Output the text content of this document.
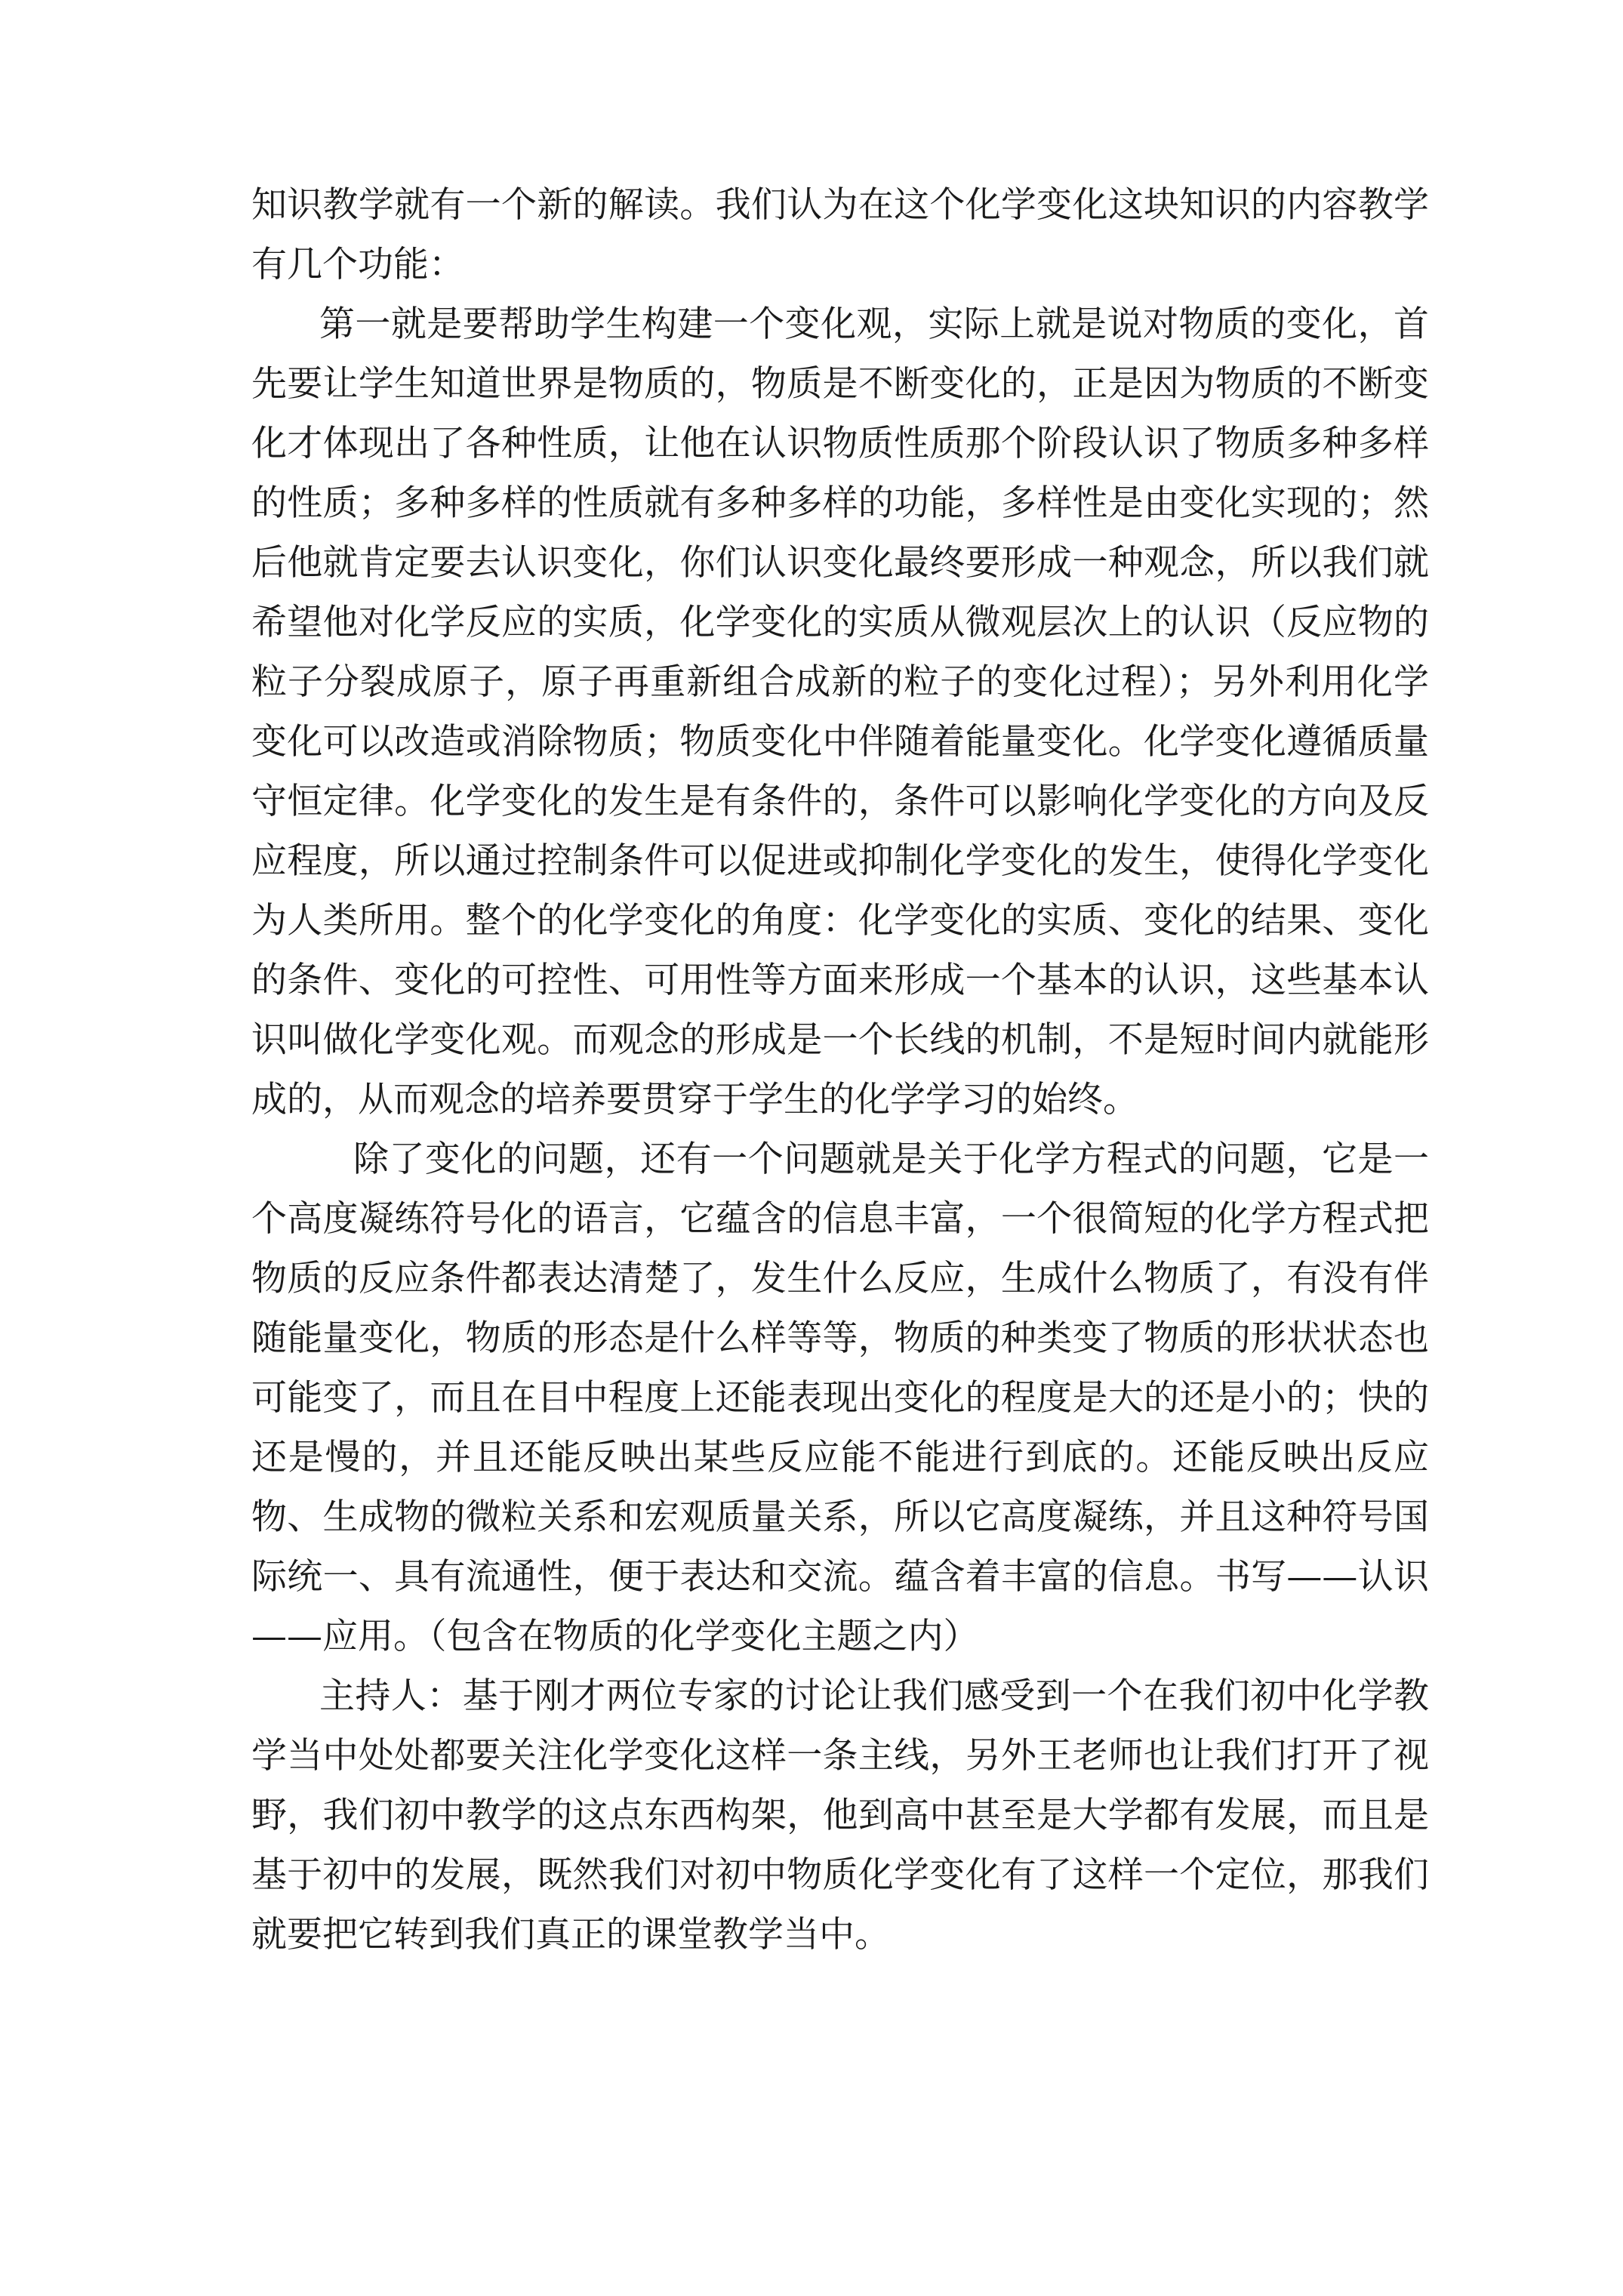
知识教学就有一个新的解读。我们认为在这个化学变化这块知识的内容教学有几个功能：

第一就是要帮助学生构建一个变化观，实际上就是说对物质的变化，首先要让学生知道世界是物质的，物质是不断变化的，正是因为物质的不断变化才体现出了各种性质，让他在认识物质性质那个阶段认识了物质多种多样的性质；多种多样的性质就有多种多样的功能，多样性是由变化实现的；然后他就肯定要去认识变化，你们认识变化最终要形成一种观念，所以我们就希望他对化学反应的实质，化学变化的实质从微观层次上的认识（反应物的粒子分裂成原子，原子再重新组合成新的粒子的变化过程）；另外利用化学变化可以改造或消除物质；物质变化中伴随着能量变化。化学变化遵循质量守恒定律。化学变化的发生是有条件的，条件可以影响化学变化的方向及反应程度，所以通过控制条件可以促进或抑制化学变化的发生，使得化学变化为人类所用。整个的化学变化的角度：化学变化的实质、变化的结果、变化的条件、变化的可控性、可用性等方面来形成一个基本的认识，这些基本认识叫做化学变化观。而观念的形成是一个长线的机制，不是短时间内就能形成的，从而观念的培养要贯穿于学生的化学学习的始终。

除了变化的问题，还有一个问题就是关于化学方程式的问题，它是一个高度凝练符号化的语言，它蕴含的信息丰富，一个很简短的化学方程式把物质的反应条件都表达清楚了，发生什么反应，生成什么物质了，有没有伴随能量变化，物质的形态是什么样等等，物质的种类变了物质的形状状态也可能变了，而且在目中程度上还能表现出变化的程度是大的还是小的；快的还是慢的，并且还能反映出某些反应能不能进行到底的。还能反映出反应物、生成物的微粒关系和宏观质量关系，所以它高度凝练，并且这种符号国际统一、具有流通性，便于表达和交流。蕴含着丰富的信息。书写——认识——应用。（包含在物质的化学变化主题之内）

主持人：基于刚才两位专家的讨论让我们感受到一个在我们初中化学教学当中处处都要关注化学变化这样一条主线，另外王老师也让我们打开了视野，我们初中教学的这点东西构架，他到高中甚至是大学都有发展，而且是基于初中的发展，既然我们对初中物质化学变化有了这样一个定位，那我们就要把它转到我们真正的课堂教学当中。
